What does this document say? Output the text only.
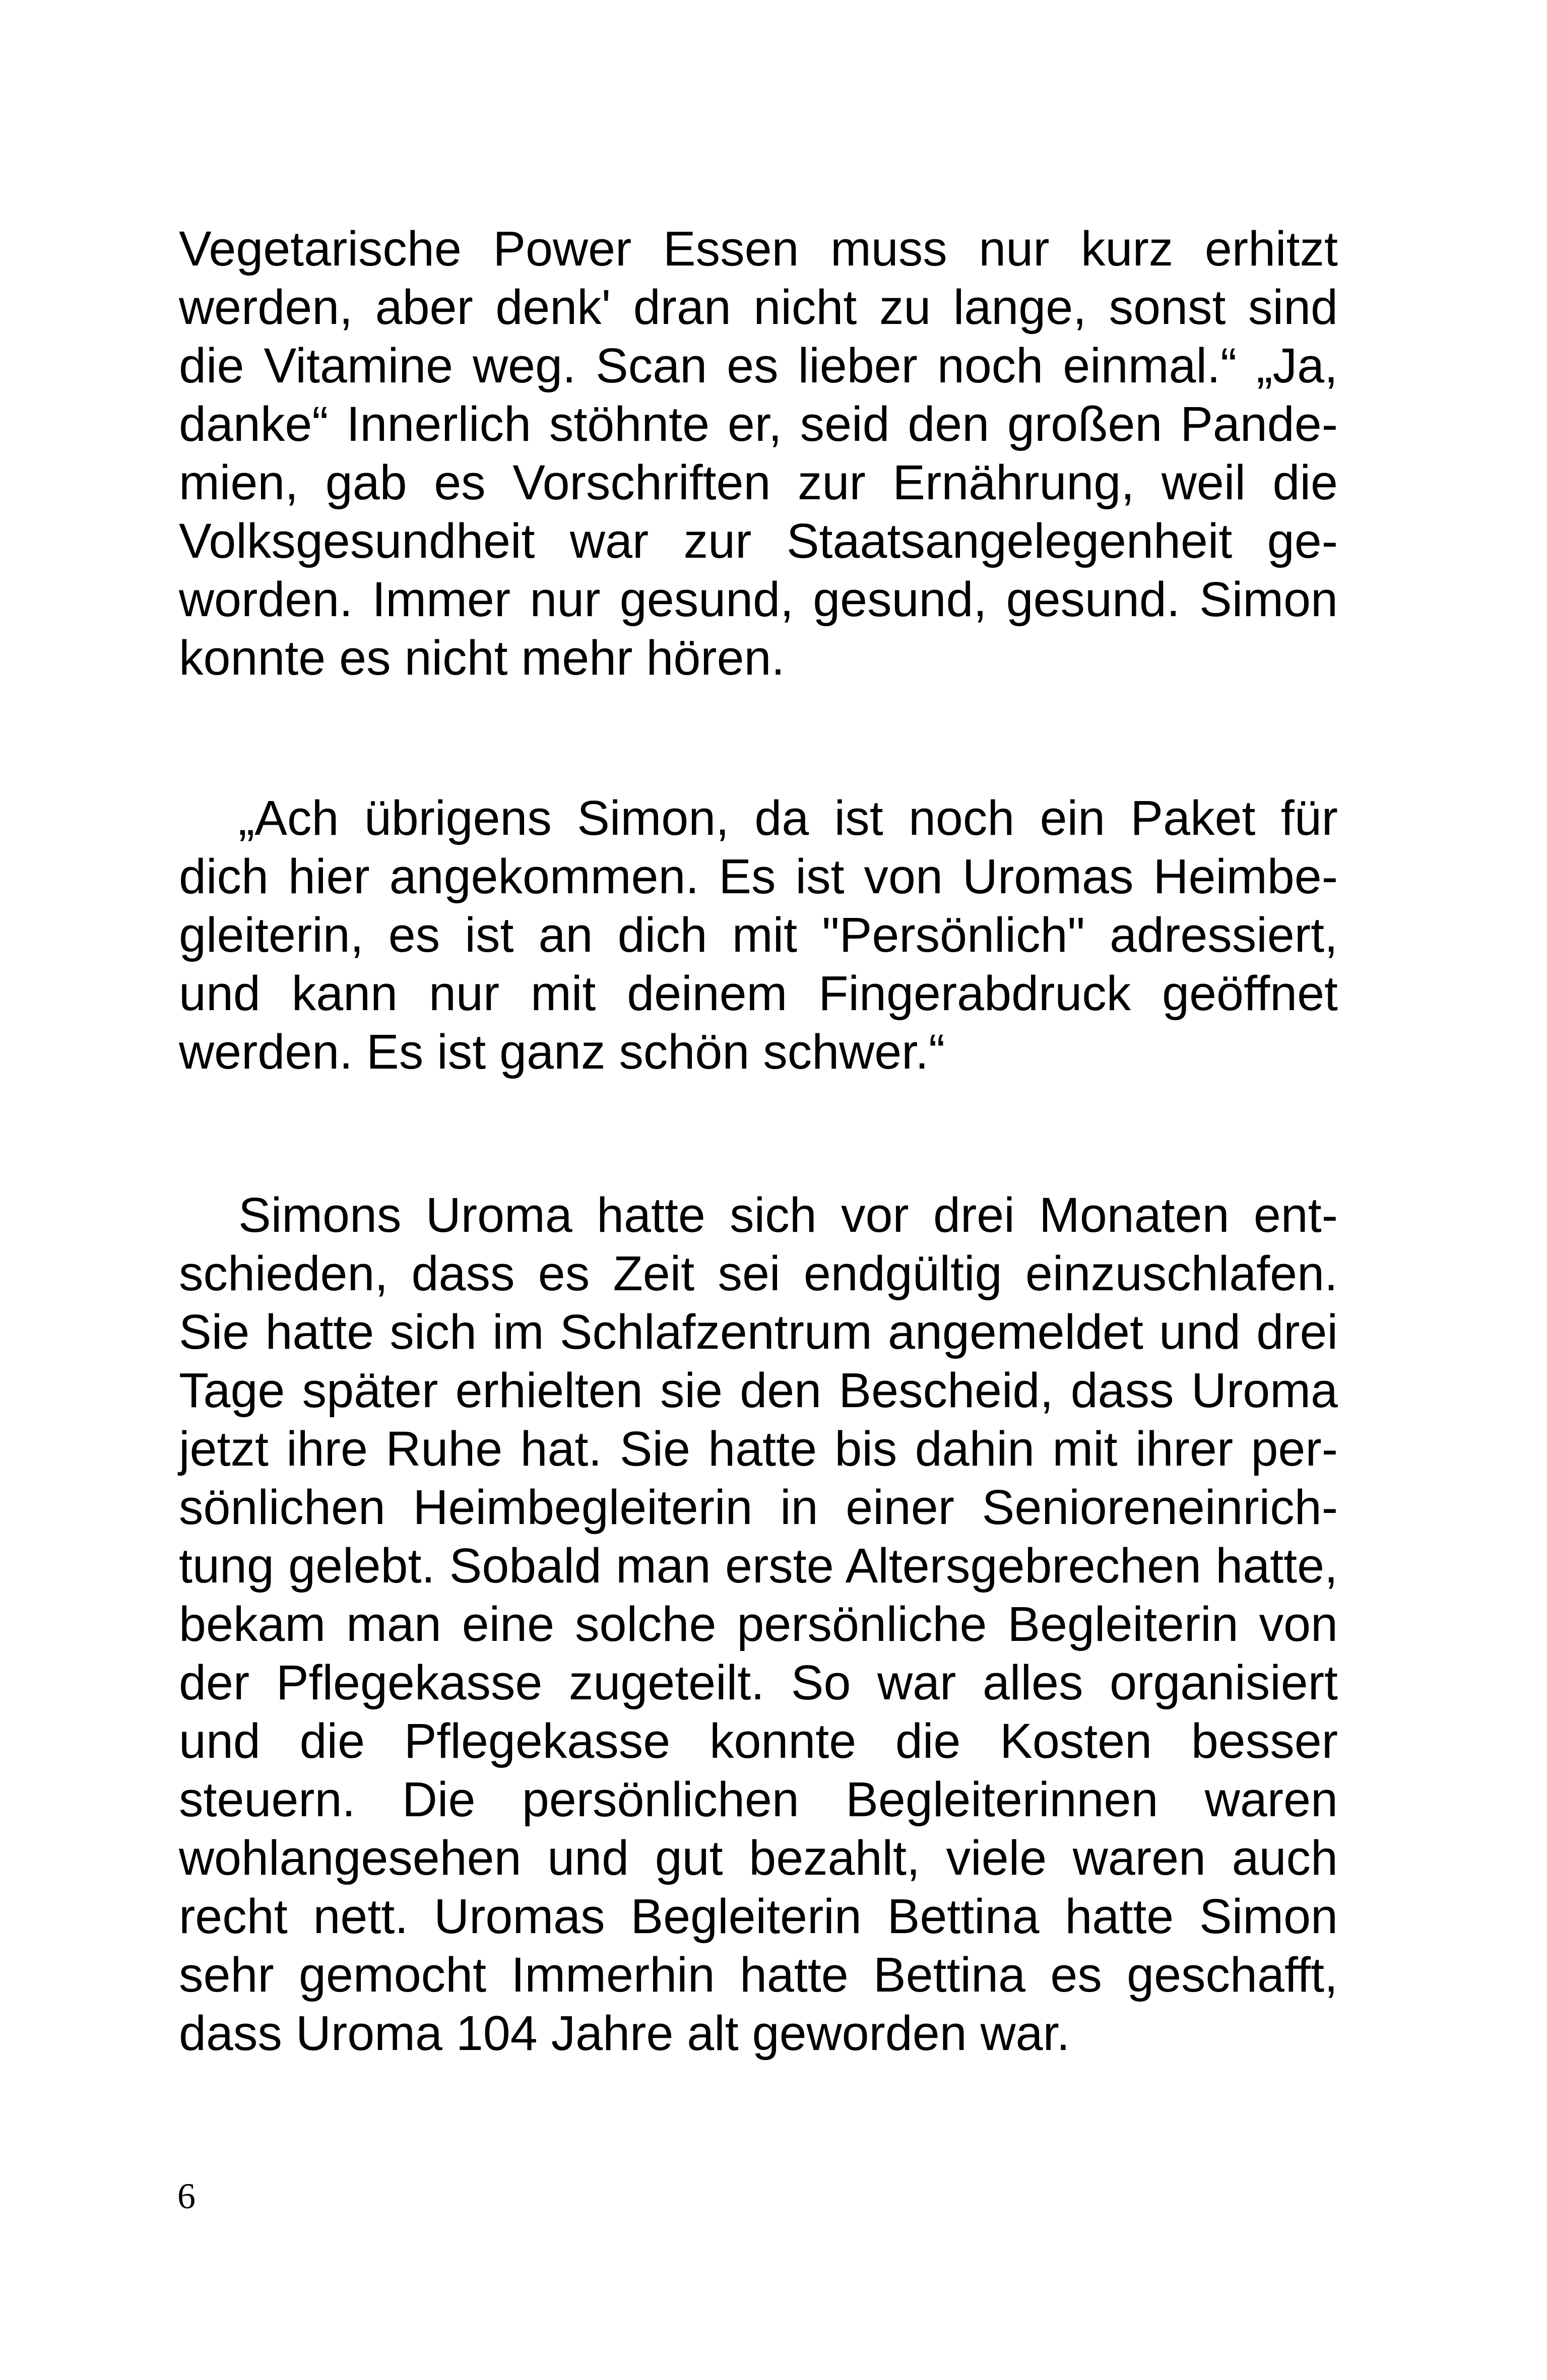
Vegetarische Power Essen muss nur kurz erhitzt werden, aber denk' dran nicht zu lange, sonst sind die Vitamine weg. Scan es lieber noch einmal.“ „Ja, danke“ Innerlich stöhnte er, seid den großen Pandemien, gab es Vorschriften zur Ernährung, weil die Volksgesundheit war zur Staatsangelegenheit geworden. Immer nur gesund, gesund, gesund. Simon konnte es nicht mehr hören.

„Ach übrigens Simon, da ist noch ein Paket für dich hier angekommen. Es ist von Uromas Heimbegleiterin, es ist an dich mit "Persönlich" adressiert, und kann nur mit deinem Fingerabdruck geöffnet werden. Es ist ganz schön schwer.“

Simons Uroma hatte sich vor drei Monaten entschieden, dass es Zeit sei endgültig einzuschlafen. Sie hatte sich im Schlafzentrum angemeldet und drei Tage später erhielten sie den Bescheid, dass Uroma jetzt ihre Ruhe hat. Sie hatte bis dahin mit ihrer persönlichen Heimbegleiterin in einer Senioreneinrichtung gelebt. Sobald man erste Altersgebrechen hatte, bekam man eine solche persönliche Begleiterin von der Pflegekasse zugeteilt. So war alles organisiert und die Pflegekasse konnte die Kosten besser steuern. Die persönlichen Begleiterinnen waren wohlangesehen und gut bezahlt, viele waren auch recht nett. Uromas Begleiterin Bettina hatte Simon sehr gemocht Immerhin hatte Bettina es geschafft, dass Uroma 104 Jahre alt geworden war.

6
